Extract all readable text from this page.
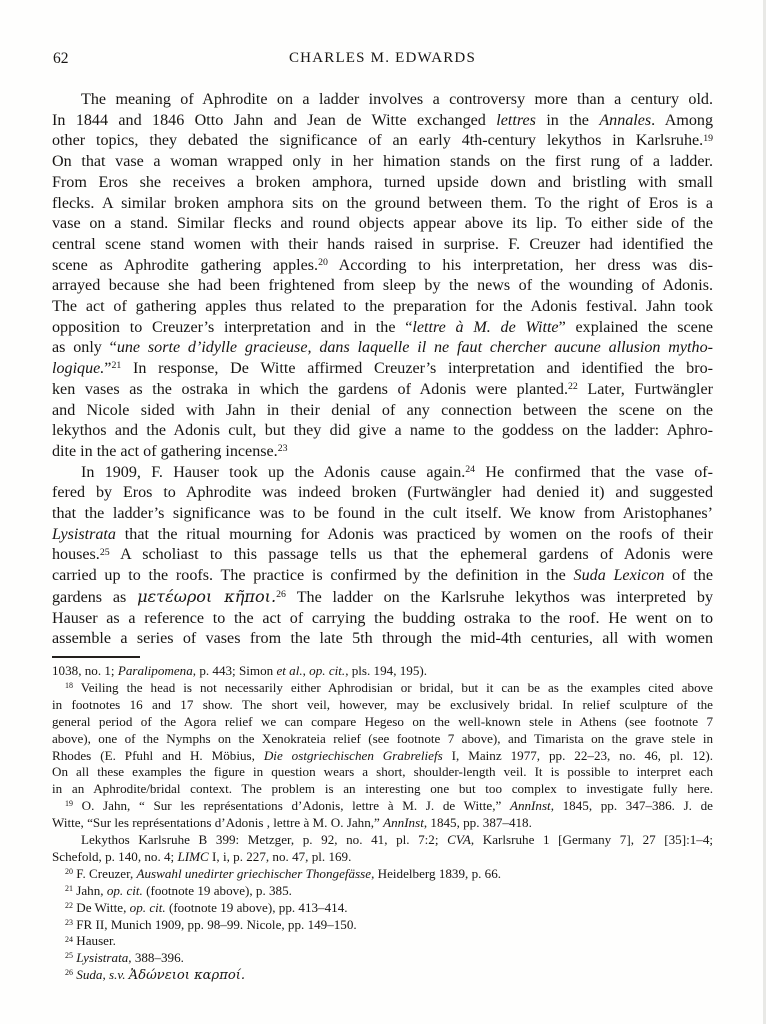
62	CHARLES M. EDWARDS
The meaning of Aphrodite on a ladder involves a controversy more than a century old.
In 1844 and 1846 Otto Jahn and Jean de Witte exchanged lettres in the Annales. Among
other topics, they debated the significance of an early 4th-century lekythos in Karlsruhe.$^{19}$
On that vase a woman wrapped only in her himation stands on the first rung of a ladder.
From Eros she receives a broken amphora, turned upside down and bristling with small
flecks. A similar broken amphora sits on the ground between them. To the right of Eros is a
vase on a stand. Similar flecks and round objects appear above its lip. To either side of the
central scene stand women with their hands raised in surprise. F. Creuzer had identified the
scene as Aphrodite gathering apples.$^{20}$ According to his interpretation, her dress was dis-
arrayed because she had been frightened from sleep by the news of the wounding of Adonis.
The act of gathering apples thus related to the preparation for the Adonis festival. Jahn took
opposition to Creuzer’s interpretation and in the “lettre à M. de Witte” explained the scene
as only “une sorte d’idylle gracieuse, dans laquelle il ne faut chercher aucune allusion mytho-
logique.”$^{21}$ In response, De Witte affirmed Creuzer’s interpretation and identified the bro-
ken vases as the ostraka in which the gardens of Adonis were planted.$^{22}$ Later, Furtwängler
and Nicole sided with Jahn in their denial of any connection between the scene on the
lekythos and the Adonis cult, but they did give a name to the goddess on the ladder: Aphro-
dite in the act of gathering incense.$^{23}$
In 1909, F. Hauser took up the Adonis cause again.$^{24}$ He confirmed that the vase of-
fered by Eros to Aphrodite was indeed broken (Furtwängler had denied it) and suggested
that the ladder’s significance was to be found in the cult itself. We know from Aristophanes’
Lysistrata that the ritual mourning for Adonis was practiced by women on the roofs of their
houses.$^{25}$ A scholiast to this passage tells us that the ephemeral gardens of Adonis were
carried up to the roofs. The practice is confirmed by the definition in the Suda Lexicon of the
gardens as μετέωροι κῆποι.$^{26}$ The ladder on the Karlsruhe lekythos was interpreted by
Hauser as a reference to the act of carrying the budding ostraka to the roof. He went on to
assemble a series of vases from the late 5th through the mid-4th centuries, all with women
1038, no. 1; Paralipomena, p. 443; Simon et al., op. cit., pls. 194, 195).
$^{18}$ Veiling the head is not necessarily either Aphrodisian or bridal, but it can be as the examples cited above
in footnotes 16 and 17 show. The short veil, however, may be exclusively bridal. In relief sculpture of the
general period of the Agora relief we can compare Hegeso on the well-known stele in Athens (see footnote 7
above), one of the Nymphs on the Xenokrateia relief (see footnote 7 above), and Timarista on the grave stele in
Rhodes (E. Pfuhl and H. Möbius, Die ostgriechischen Grabreliefs I, Mainz 1977, pp. 22–23, no. 46, pl. 12).
On all these examples the figure in question wears a short, shoulder-length veil. It is possible to interpret each
in an Aphrodite/bridal context. The problem is an interesting one but too complex to investigate fully here.
$^{19}$ O. Jahn, “ Sur les représentations d’Adonis, lettre à M. J. de Witte,” AnnInst, 1845, pp. 347–386. J. de
Witte, “Sur les représentations d’Adonis , lettre à M. O. Jahn,” AnnInst, 1845, pp. 387–418.
Lekythos Karlsruhe B 399: Metzger, p. 92, no. 41, pl. 7:2; CVA, Karlsruhe 1 [Germany 7], 27 [35]:1–4;
Schefold, p. 140, no. 4; LIMC I, i, p. 227, no. 47, pl. 169.
$^{20}$ F. Creuzer, Auswahl unedirter griechischer Thongefässe, Heidelberg 1839, p. 66.
$^{21}$ Jahn, op. cit. (footnote 19 above), p. 385.
$^{22}$ De Witte, op. cit. (footnote 19 above), pp. 413–414.
$^{23}$ FR II, Munich 1909, pp. 98–99. Nicole, pp. 149–150.
$^{24}$ Hauser.
$^{25}$ Lysistrata, 388–396.
$^{26}$ Suda, s.v. Ἀδώνειοι καρποί.
